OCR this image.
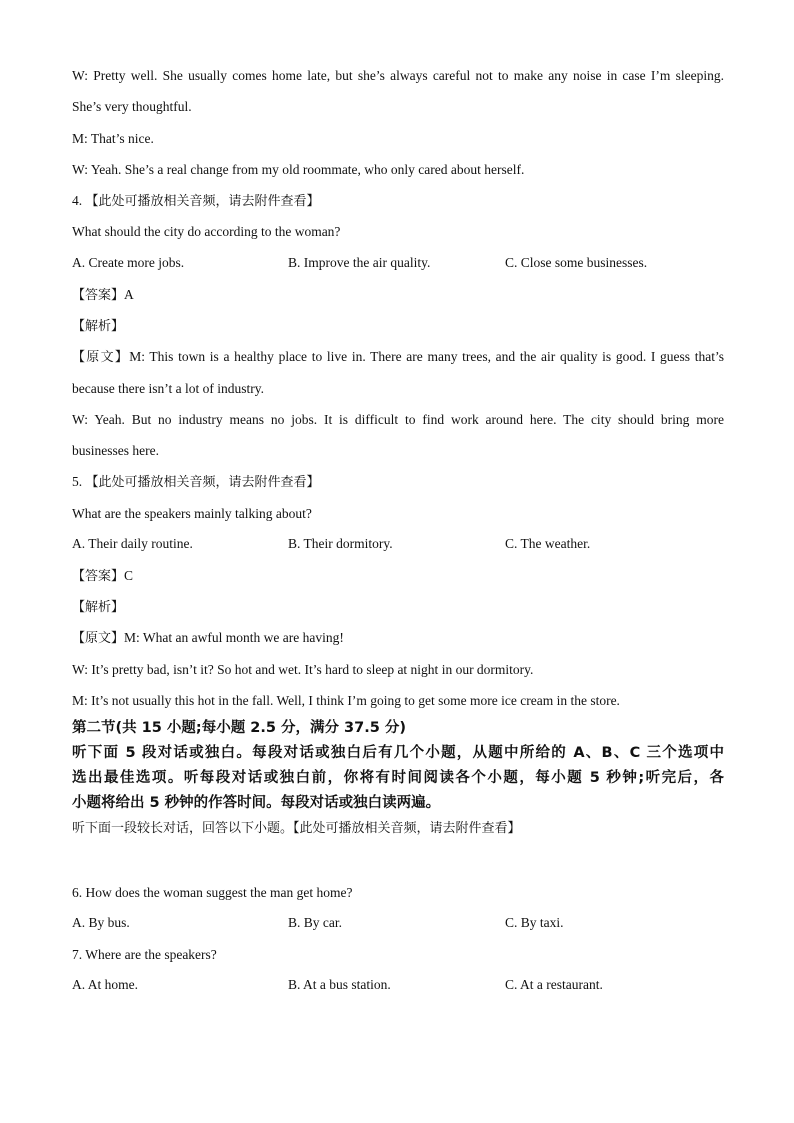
W: Pretty well. She usually comes home late, but she’s always careful not to make any noise in case I’m sleeping.
She’s very thoughtful.
M: That’s nice.
W: Yeah. She’s a real change from my old roommate, who only cared about herself.
4. 【此处可播放相关音频，请去附件查看】
What should the city do according to the woman?
A. Create more jobs.	B. Improve the air quality.	C. Close some businesses.
【答案】A
【解析】
【原文】M: This town is a healthy place to live in. There are many trees, and the air quality is good. I guess that’s
because there isn’t a lot of industry.
W: Yeah. But no industry means no jobs. It is difficult to find work around here. The city should bring more
businesses here.
5. 【此处可播放相关音频，请去附件查看】
What are the speakers mainly talking about?
A. Their daily routine.	B. Their dormitory.	C. The weather.
【答案】C
【解析】
【原文】M: What an awful month we are having!
W: It’s pretty bad, isn’t it? So hot and wet. It’s hard to sleep at night in our dormitory.
M: It’s not usually this hot in the fall. Well, I think I’m going to get some more ice cream in the store.
第二节(共 15 小题;每小题 2.5 分，满分 37.5 分)
听下面 5 段对话或独白。每段对话或独白后有几个小题，从题中所给的 A、B、C 三个选项中
选出最佳选项。听每段对话或独白前，你将有时间阅读各个小题，每小题 5 秒钟;听完后，各
小题将给出 5 秒钟的作答时间。每段对话或独白读两遍。
听下面一段较长对话，回答以下小题。【此处可播放相关音频，请去附件查看】
6. How does the woman suggest the man get home?
A. By bus.	B. By car.	C. By taxi.
7. Where are the speakers?
A. At home.	B. At a bus station.	C. At a restaurant.
